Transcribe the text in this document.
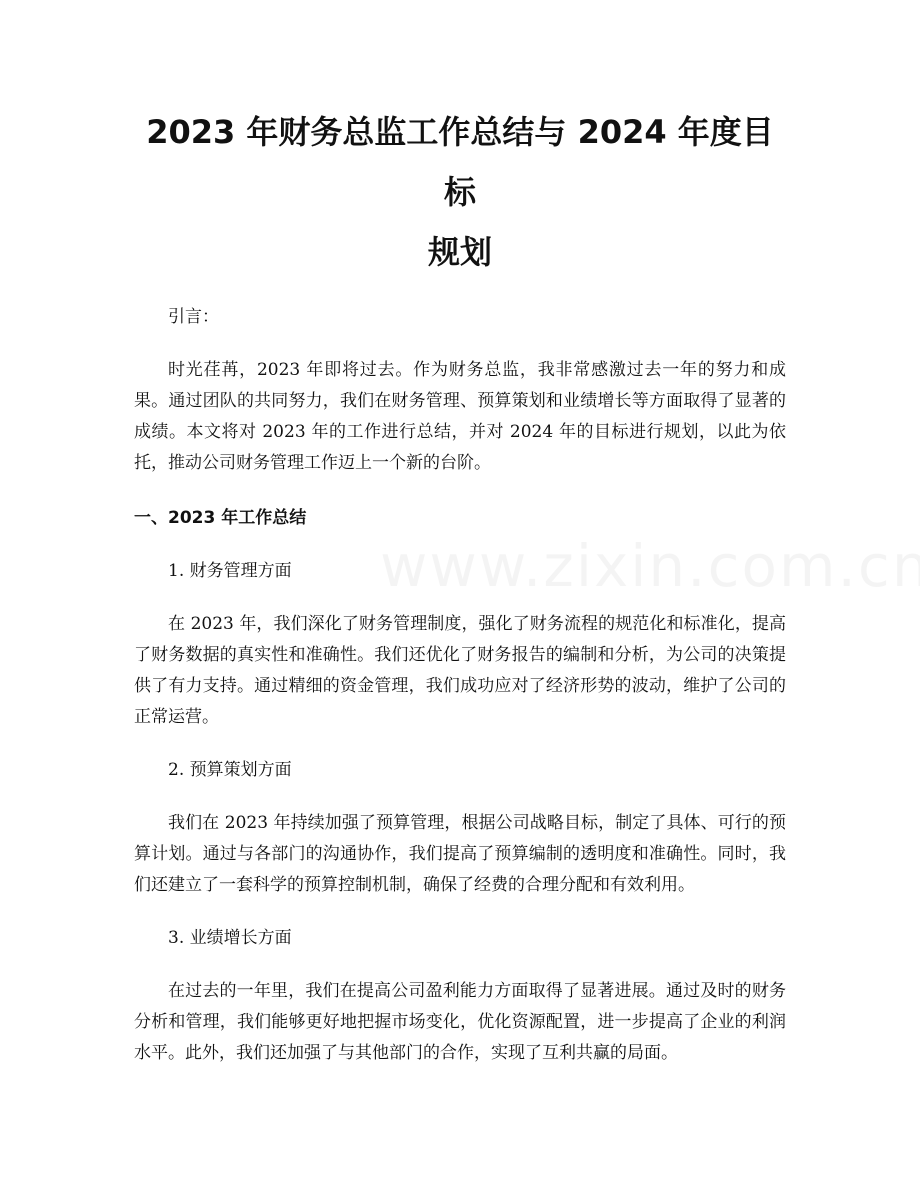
2023 年财务总监工作总结与 2024 年度目标
规划

引言：

时光荏苒，2023 年即将过去。作为财务总监，我非常感激过去一年的努力和成果。通过团队的共同努力，我们在财务管理、预算策划和业绩增长等方面取得了显著的成绩。本文将对 2023 年的工作进行总结，并对 2024 年的目标进行规划，以此为依托，推动公司财务管理工作迈上一个新的台阶。

一、2023 年工作总结

1. 财务管理方面

在 2023 年，我们深化了财务管理制度，强化了财务流程的规范化和标准化，提高了财务数据的真实性和准确性。我们还优化了财务报告的编制和分析，为公司的决策提供了有力支持。通过精细的资金管理，我们成功应对了经济形势的波动，维护了公司的正常运营。

2. 预算策划方面

我们在 2023 年持续加强了预算管理，根据公司战略目标，制定了具体、可行的预算计划。通过与各部门的沟通协作，我们提高了预算编制的透明度和准确性。同时，我们还建立了一套科学的预算控制机制，确保了经费的合理分配和有效利用。

3. 业绩增长方面

在过去的一年里，我们在提高公司盈利能力方面取得了显著进展。通过及时的财务分析和管理，我们能够更好地把握市场变化，优化资源配置，进一步提高了企业的利润水平。此外，我们还加强了与其他部门的合作，实现了互利共赢的局面。
